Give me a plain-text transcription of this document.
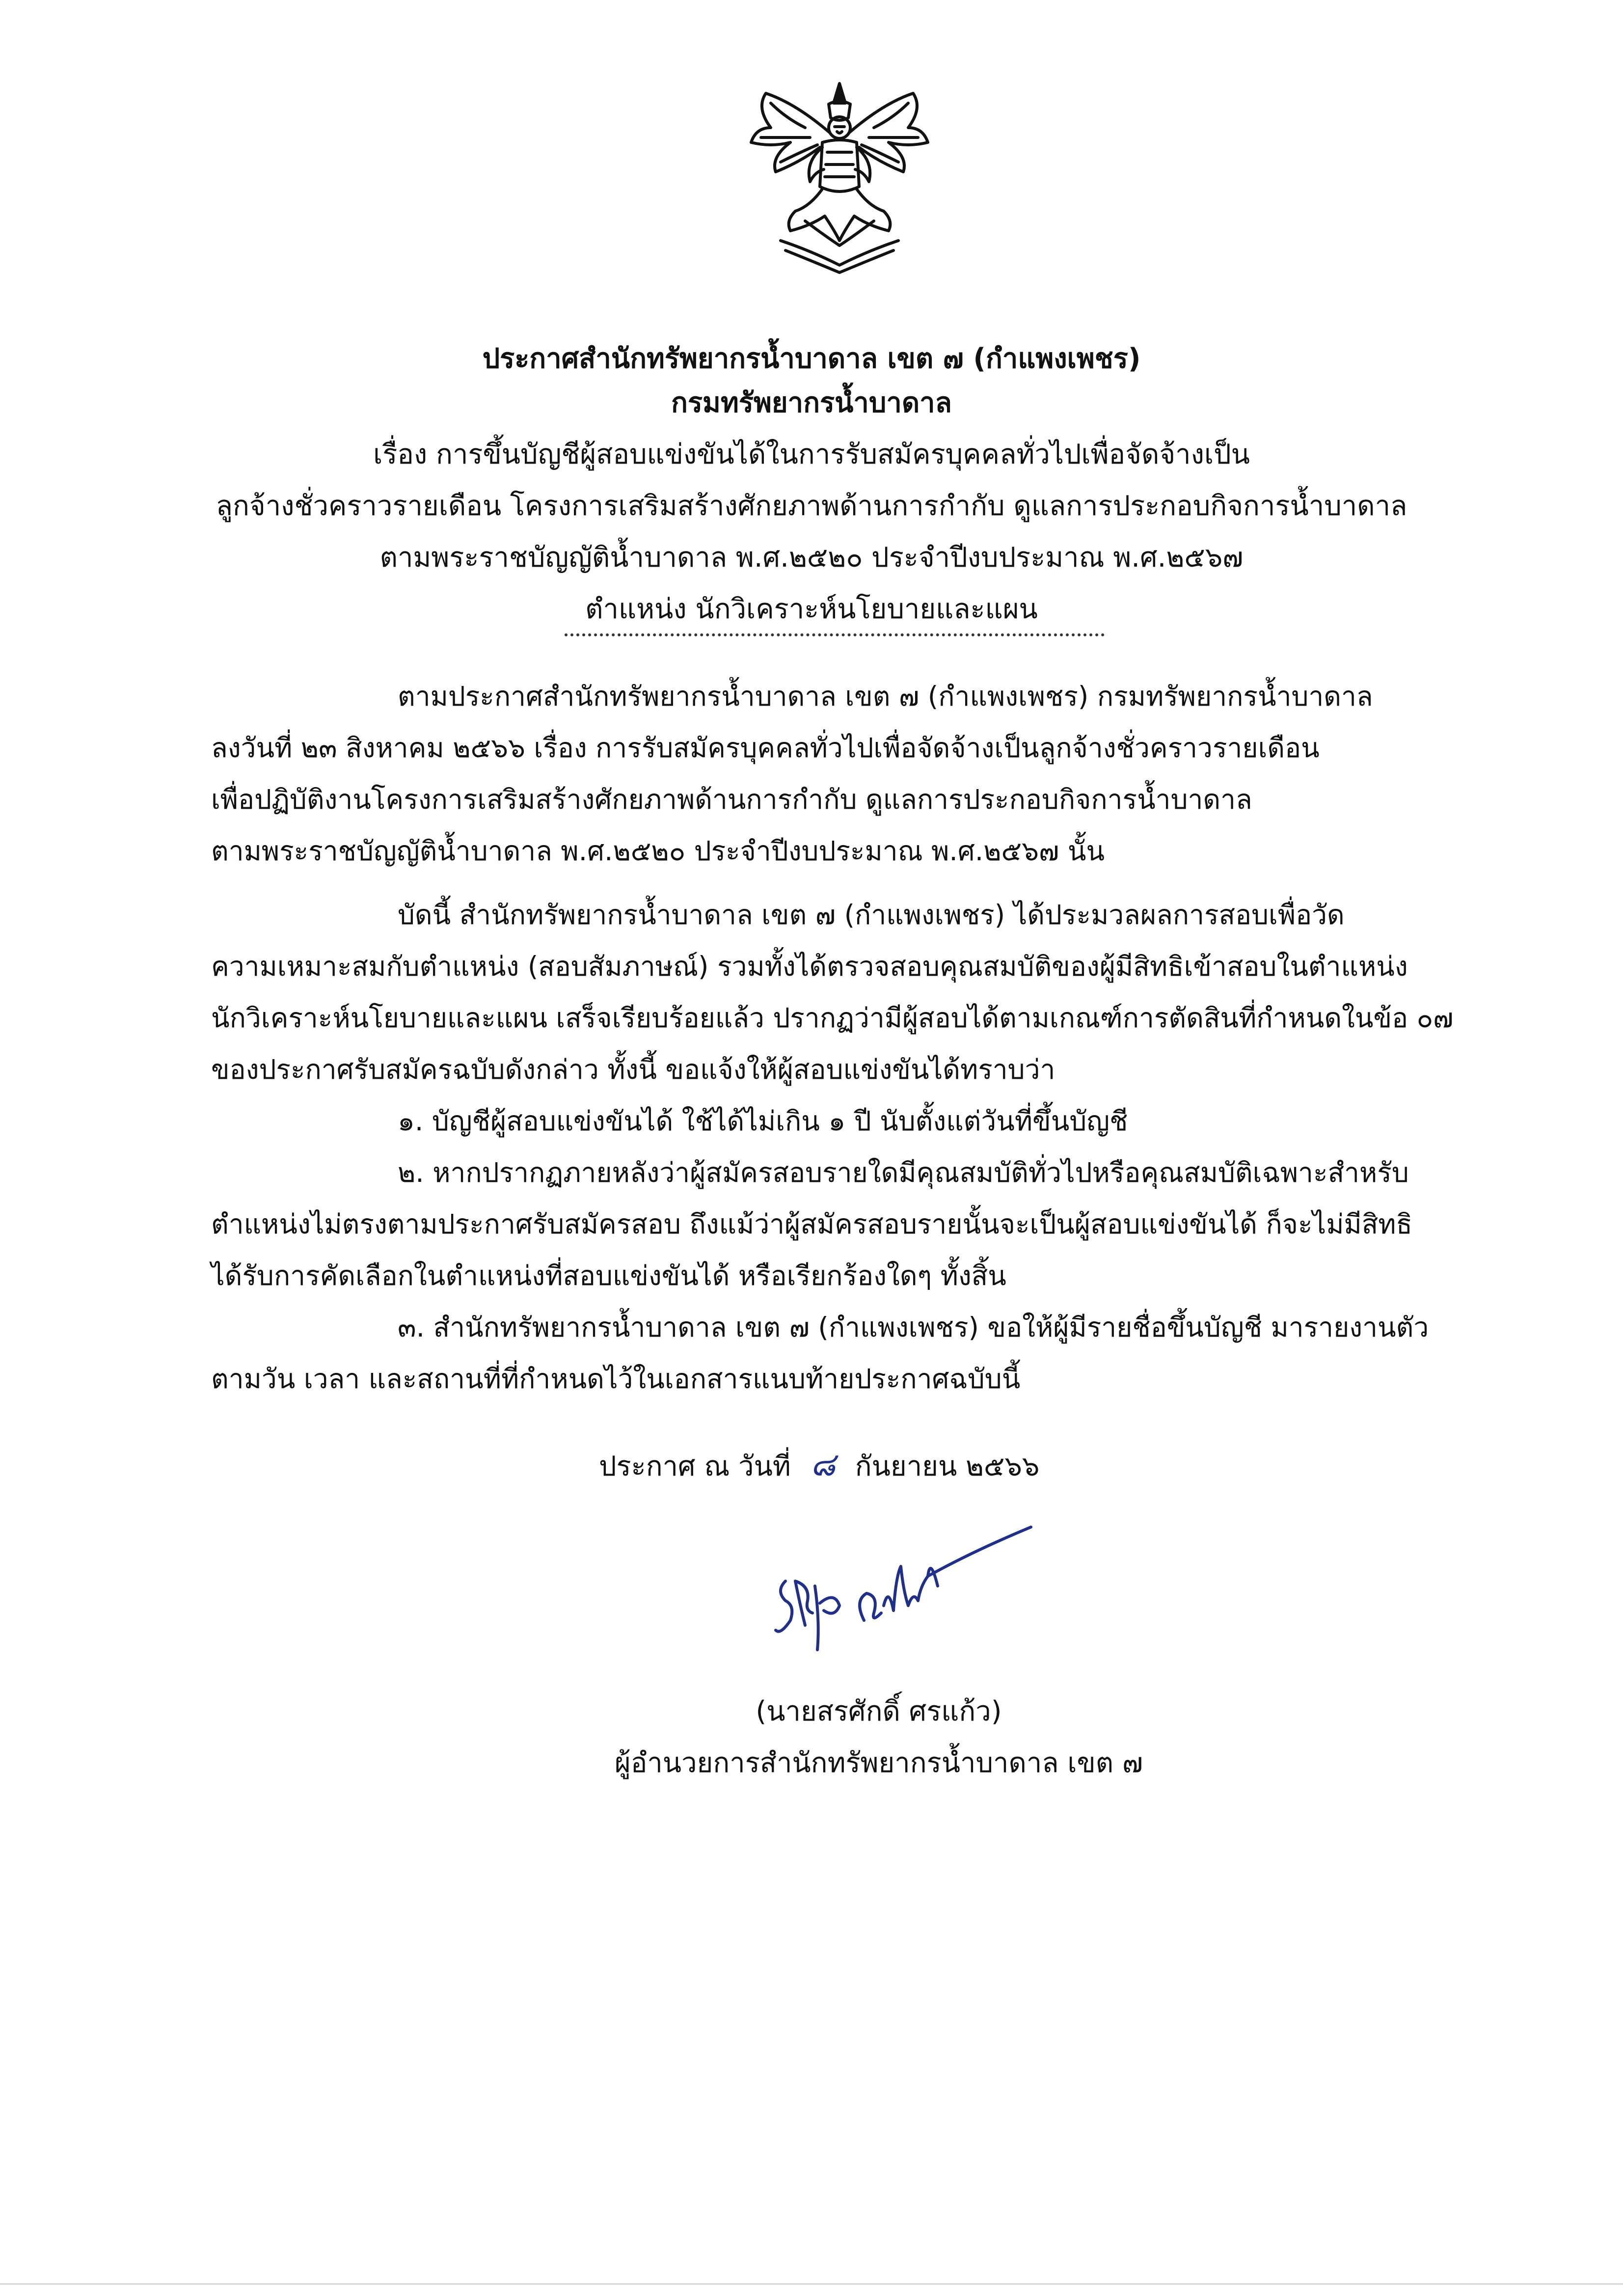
ประกาศสำนักทรัพยากรน้ำบาดาล เขต ๗ (กำแพงเพชร)
กรมทรัพยากรน้ำบาดาล
เรื่อง การขึ้นบัญชีผู้สอบแข่งขันได้ในการรับสมัครบุคคลทั่วไปเพื่อจัดจ้างเป็น
ลูกจ้างชั่วคราวรายเดือน โครงการเสริมสร้างศักยภาพด้านการกำกับ ดูแลการประกอบกิจการน้ำบาดาล
ตามพระราชบัญญัติน้ำบาดาล พ.ศ.๒๕๒๐ ประจำปีงบประมาณ พ.ศ.๒๕๖๗
ตำแหน่ง นักวิเคราะห์นโยบายและแผน
ตามประกาศสำนักทรัพยากรน้ำบาดาล เขต ๗ (กำแพงเพชร) กรมทรัพยากรน้ำบาดาล
ลงวันที่ ๒๓ สิงหาคม ๒๕๖๖ เรื่อง การรับสมัครบุคคลทั่วไปเพื่อจัดจ้างเป็นลูกจ้างชั่วคราวรายเดือน
เพื่อปฏิบัติงานโครงการเสริมสร้างศักยภาพด้านการกำกับ ดูแลการประกอบกิจการน้ำบาดาล
ตามพระราชบัญญัติน้ำบาดาล พ.ศ.๒๕๒๐ ประจำปีงบประมาณ พ.ศ.๒๕๖๗ นั้น
บัดนี้ สำนักทรัพยากรน้ำบาดาล เขต ๗ (กำแพงเพชร) ได้ประมวลผลการสอบเพื่อวัด
ความเหมาะสมกับตำแหน่ง (สอบสัมภาษณ์) รวมทั้งได้ตรวจสอบคุณสมบัติของผู้มีสิทธิเข้าสอบในตำแหน่ง
นักวิเคราะห์นโยบายและแผน เสร็จเรียบร้อยแล้ว ปรากฏว่ามีผู้สอบได้ตามเกณฑ์การตัดสินที่กำหนดในข้อ ๐๗
ของประกาศรับสมัครฉบับดังกล่าว ทั้งนี้ ขอแจ้งให้ผู้สอบแข่งขันได้ทราบว่า
๑. บัญชีผู้สอบแข่งขันได้ ใช้ได้ไม่เกิน ๑ ปี นับตั้งแต่วันที่ขึ้นบัญชี
๒. หากปรากฏภายหลังว่าผู้สมัครสอบรายใดมีคุณสมบัติทั่วไปหรือคุณสมบัติเฉพาะสำหรับ
ตำแหน่งไม่ตรงตามประกาศรับสมัครสอบ ถึงแม้ว่าผู้สมัครสอบรายนั้นจะเป็นผู้สอบแข่งขันได้ ก็จะไม่มีสิทธิ
ได้รับการคัดเลือกในตำแหน่งที่สอบแข่งขันได้ หรือเรียกร้องใดๆ ทั้งสิ้น
๓. สำนักทรัพยากรน้ำบาดาล เขต ๗ (กำแพงเพชร) ขอให้ผู้มีรายชื่อขึ้นบัญชี มารายงานตัว
ตามวัน เวลา และสถานที่ที่กำหนดไว้ในเอกสารแนบท้ายประกาศฉบับนี้
ประกาศ ณ วันที่ ๘ กันยายน ๒๕๖๖
(นายสรศักดิ์ ศรแก้ว)
ผู้อำนวยการสำนักทรัพยากรน้ำบาดาล เขต ๗
